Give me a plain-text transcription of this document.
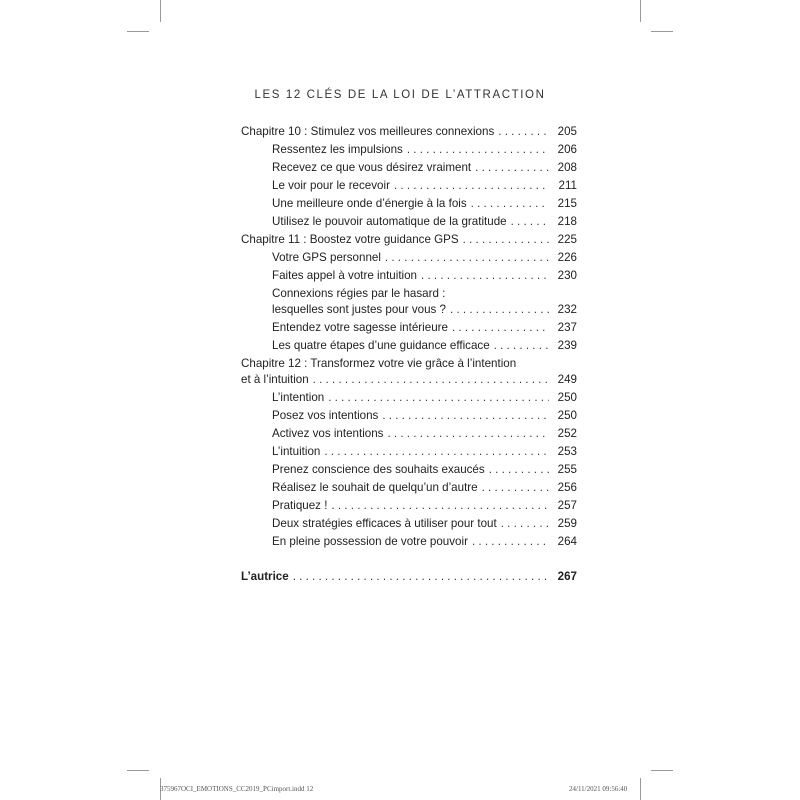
LES 12 CLÉS DE LA LOI DE L’ATTRACTION
Chapitre 10 : Stimulez vos meilleures connexions . . .	205
Ressentez les impulsions . . .	206
Recevez ce que vous désirez vraiment . . .	208
Le voir pour le recevoir . . .	211
Une meilleure onde d’énergie à la fois . . .	215
Utilisez le pouvoir automatique de la gratitude . . .	218
Chapitre 11 : Boostez votre guidance GPS . . .	225
Votre GPS personnel . . .	226
Faites appel à votre intuition . . .	230
Connexions régies par le hasard :
lesquelles sont justes pour vous ? . . .	232
Entendez votre sagesse intérieure . . .	237
Les quatre étapes d’une guidance efficace . . .	239
Chapitre 12 : Transformez votre vie grâce à l’intention
et à l’intuition . . .	249
L’intention . . .	250
Posez vos intentions . . .	250
Activez vos intentions . . .	252
L’intuition . . .	253
Prenez conscience des souhaits exaucés . . .	255
Réalisez le souhait de quelqu’un d’autre . . .	256
Pratiquez ! . . .	257
Deux stratégies efficaces à utiliser pour tout . . .	259
En pleine possession de votre pouvoir . . .	264
L’autrice . . .	267
375967OCI_EMOTIONS_CC2019_PCimport.indd 12	24/11/2021 09:56:40
